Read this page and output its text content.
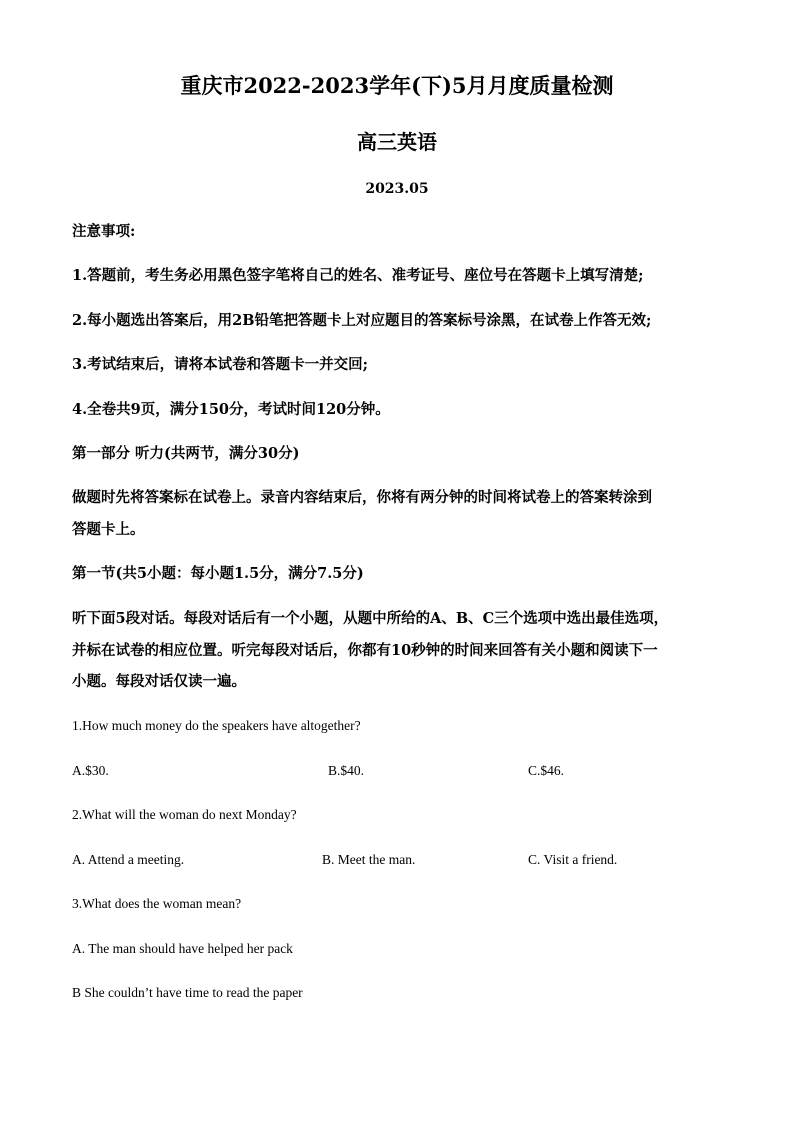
重庆市2022-2023学年(下)5月月度质量检测
高三英语
2023.05
注意事项:
1.答题前，考生务必用黑色签字笔将自己的姓名、准考证号、座位号在答题卡上填写清楚;
2.每小题选出答案后，用2B铅笔把答题卡上对应题目的答案标号涂黑，在试卷上作答无效;
3.考试结束后，请将本试卷和答题卡一并交回;
4.全卷共9页，满分150分，考试时间120分钟。
第一部分 听力(共两节，满分30分)
做题时先将答案标在试卷上。录音内容结束后，你将有两分钟的时间将试卷上的答案转涂到
答题卡上。
第一节(共5小题：每小题1.5分，满分7.5分)
听下面5段对话。每段对话后有一个小题，从题中所给的A、B、C三个选项中选出最佳选项，
并标在试卷的相应位置。听完每段对话后，你都有10秒钟的时间来回答有关小题和阅读下一
小题。每段对话仅读一遍。
1.How much money do the speakers have altogether?
A.$30.	B.$40.	C.$46.
2.What will the woman do next Monday?
A. Attend a meeting.	B. Meet the man.	C. Visit a friend.
3.What does the woman mean?
A. The man should have helped her pack
B She couldn’t have time to read the paper
